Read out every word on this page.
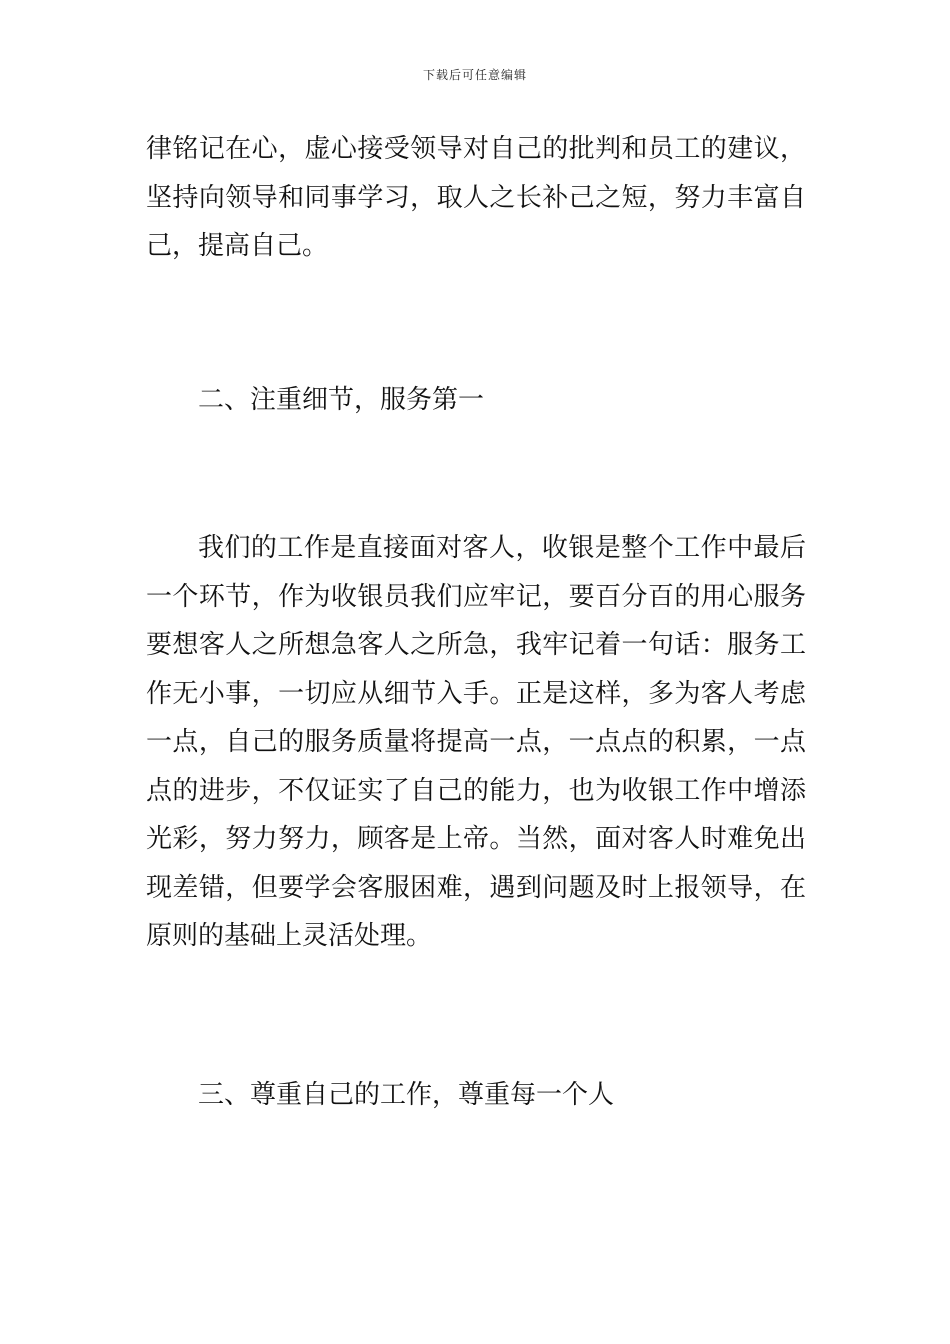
下载后可任意编辑

律铭记在心，虚心接受领导对自己的批判和员工的建议，坚持向领导和同事学习，取人之长补己之短，努力丰富自己，提高自己。

二、注重细节，服务第一

我们的工作是直接面对客人，收银是整个工作中最后一个环节，作为收银员我们应牢记，要百分百的用心服务要想客人之所想急客人之所急，我牢记着一句话：服务工作无小事，一切应从细节入手。正是这样，多为客人考虑一点，自己的服务质量将提高一点，一点点的积累，一点点的进步，不仅证实了自己的能力，也为收银工作中增添光彩，努力努力，顾客是上帝。当然，面对客人时难免出现差错，但要学会客服困难，遇到问题及时上报领导，在原则的基础上灵活处理。

三、尊重自己的工作，尊重每一个人
